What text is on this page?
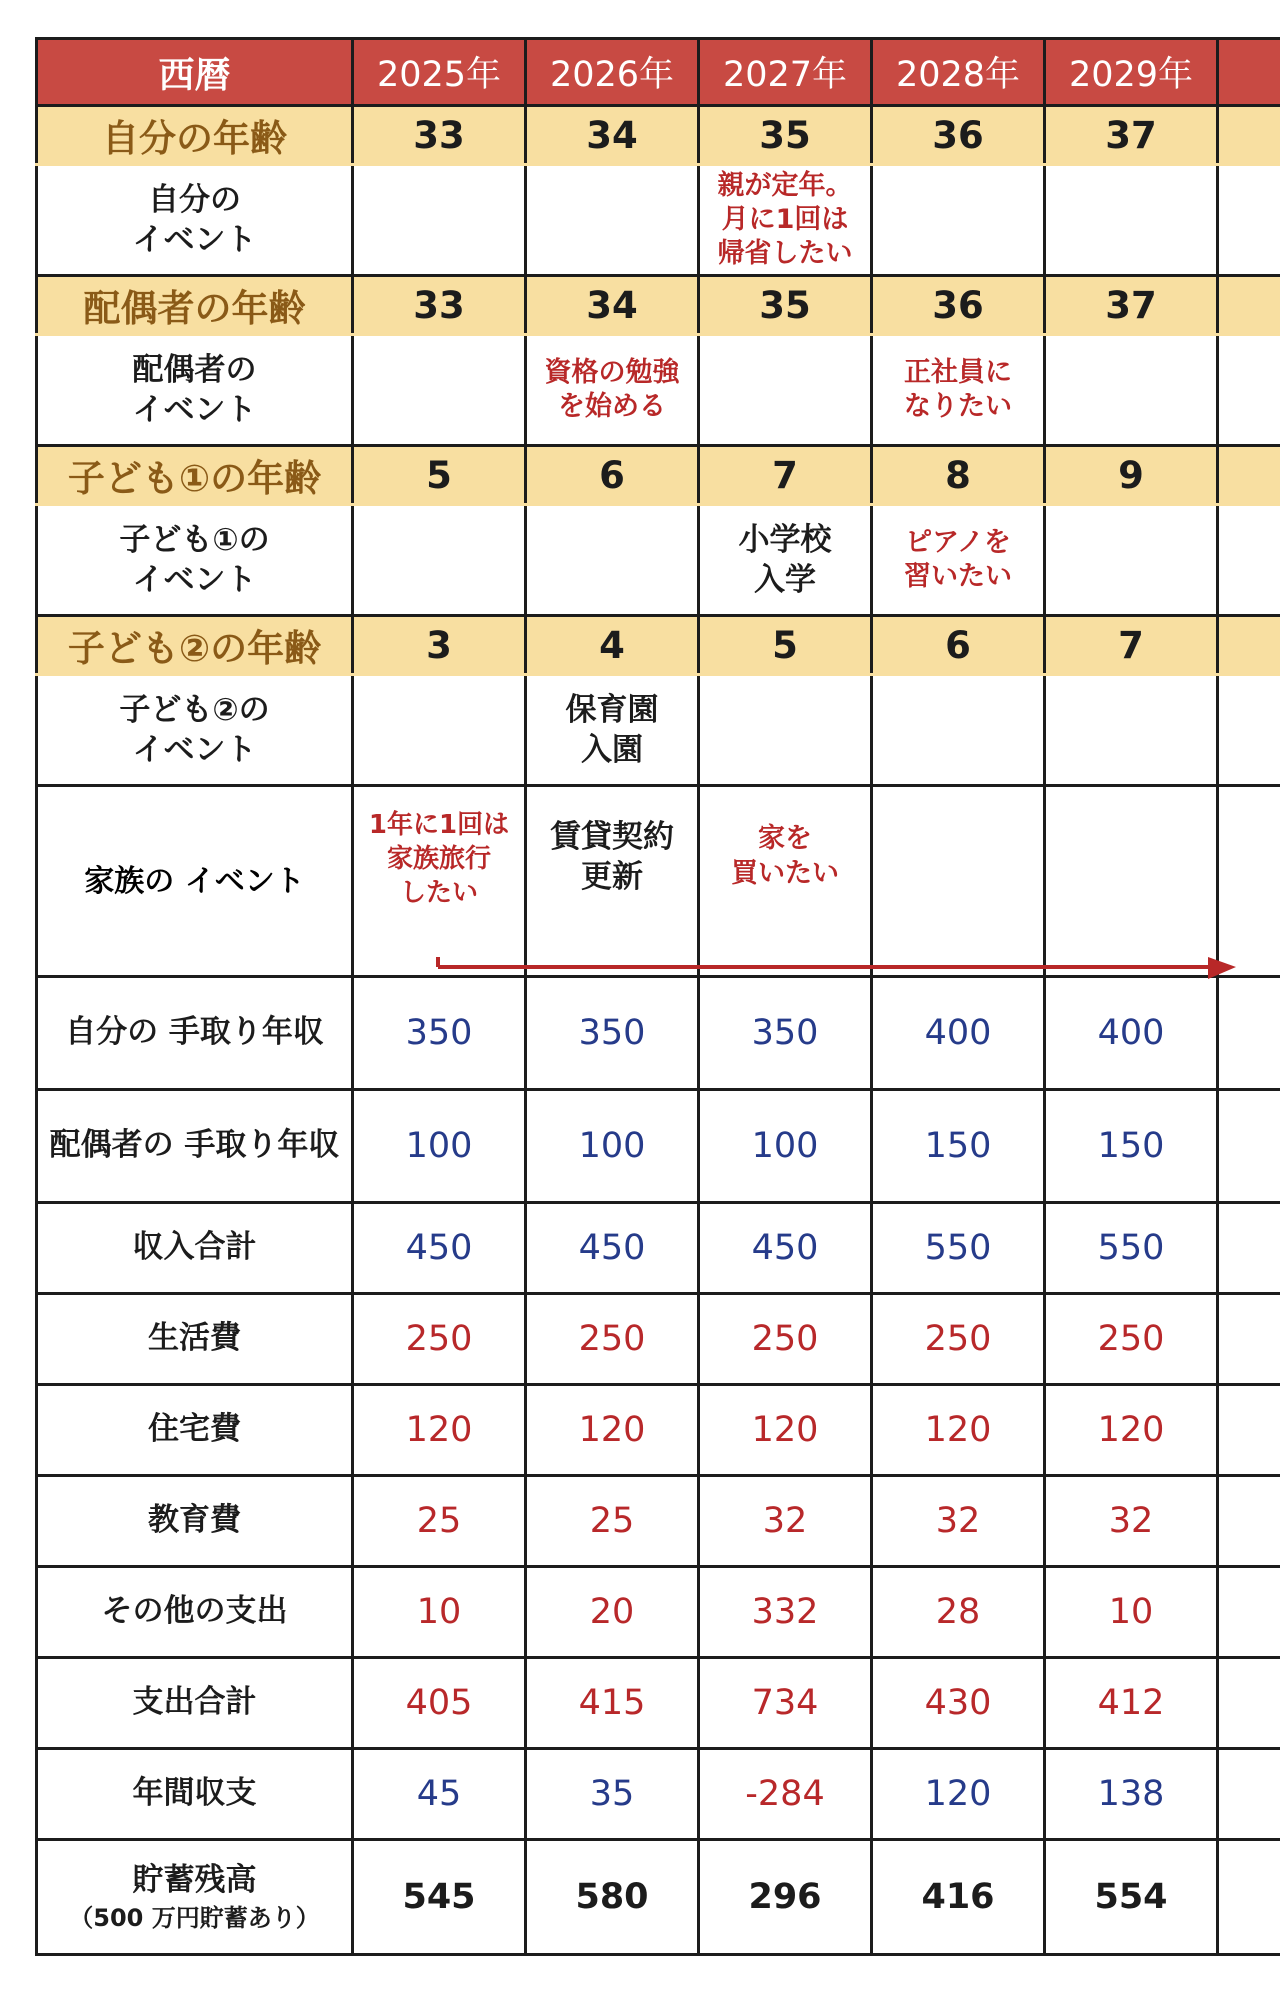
西暦	2025年	2026年	2027年	2028年	2029年	
自分の年齢	33	34	35	36	37	

自分の
イベント			親が定年。
月に1回は
帰省したい			

配偶者の年齢	33	34	35	36	37	

配偶者の
イベント		資格の勉強
を始める		正社員に
なりたい		

子ども①の年齢	5	6	7	8	9	

子ども①の
イベント			小学校
入学	ピアノを
習いたい		

子ども②の年齢	3	4	5	6	7	

子ども②の
イベント		保育園
入園				

家族の イベント	1年に1回は
家族旅行
したい	賃貸契約
更新	家を
買いたい			

自分の 手取り年収	350	350	350	400	400	
配偶者の 手取り年収	100	100	100	150	150	
収入合計	450	450	450	550	550	
生活費	250	250	250	250	250	
住宅費	120	120	120	120	120	
教育費	25	25	32	32	32	
その他の支出	10	20	332	28	10	
支出合計	405	415	734	430	412	
年間収支	45	35	-284	120	138	
貯蓄残高
（500 万円貯蓄あり）	545	580	296	416	554	
